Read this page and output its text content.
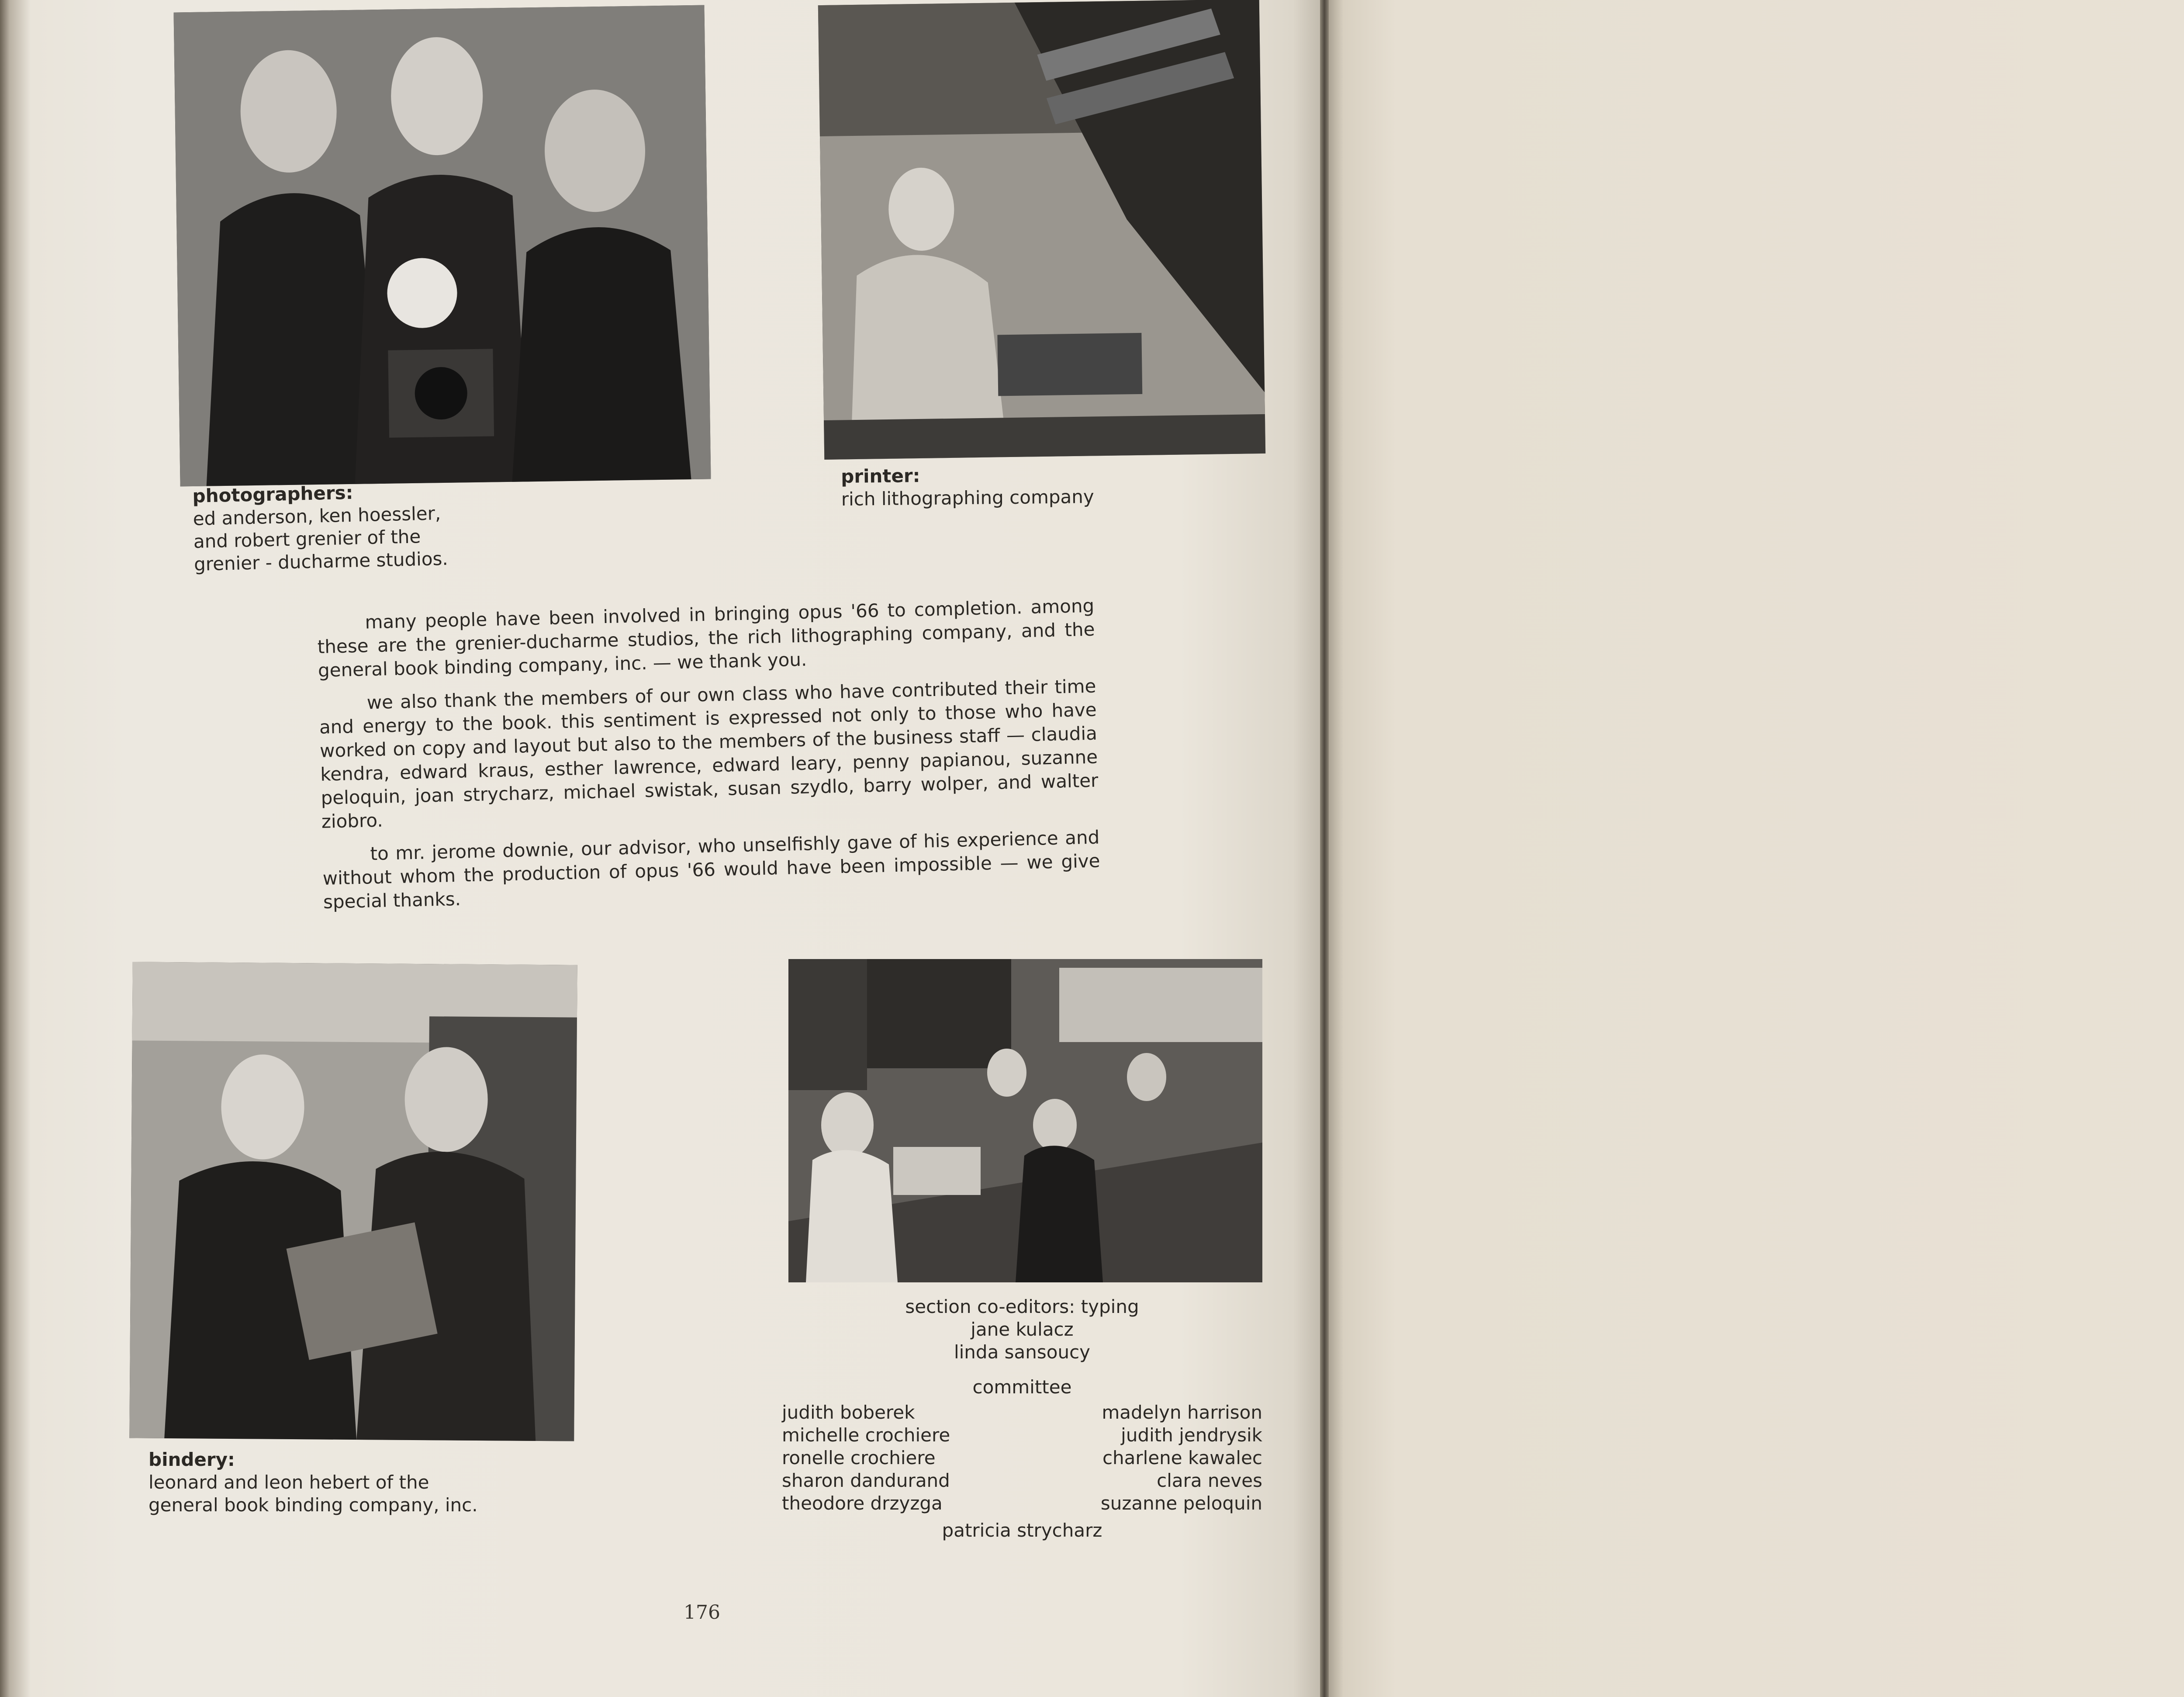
photographers:
ed anderson, ken hoessler,
and robert grenier of the
grenier - ducharme studios.
printer:
rich lithographing company

many people have been involved in bringing opus '66 to completion. among these are the grenier-ducharme studios, the rich lithographing company, and the general book binding company, inc. — we thank you.

we also thank the members of our own class who have contributed their time and energy to the book. this sentiment is expressed not only to those who have worked on copy and layout but also to the members of the business staff — claudia kendra, edward kraus, esther lawrence, edward leary, penny papianou, suzanne peloquin, joan strycharz, michael swistak, susan szydlo, barry wolper, and walter ziobro.

to mr. jerome downie, our advisor, who unselfishly gave of his experience and without whom the production of opus '66 would have been impossible — we give special thanks.

bindery:
leonard and leon hebert of the
general book binding company, inc.
section co-editors: typing
jane kulacz
linda sansoucy
committee
judith boberek
michelle crochiere
ronelle crochiere
sharon dandurand
theodore drzyzga
madelyn harrison
judith jendrysik
charlene kawalec
clara neves
suzanne peloquin
patricia strycharz
176
